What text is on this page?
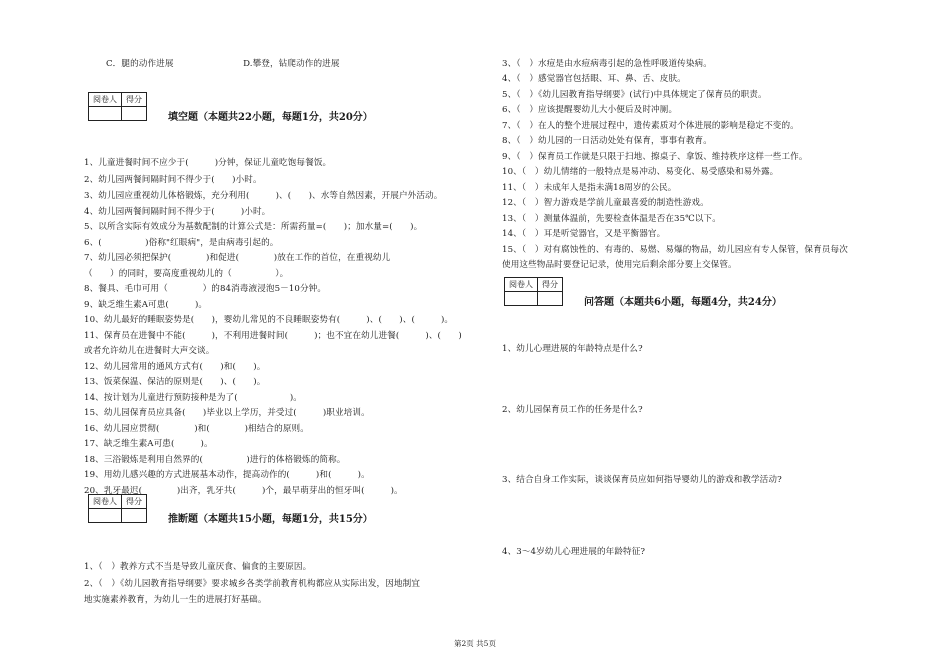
C．腿的动作进展　　　　　　　　D.攀登，钻爬动作的进展
阅卷人	得分

填空题（本题共22小题，每题1分，共20分）
1、儿童进餐时间不应少于(　　　)分钟，保证儿童吃饱每餐饭。
2、幼儿园两餐间隔时间不得少于(　　)小时。
3、幼儿园应重视幼儿体格锻炼，充分利用(　　　)、(　　)、水等自然因素，开展户外活动。
4、幼儿园两餐间隔时间不得少于(　　　)小时。
5、以所含实际有效成分为基数配制的计算公式是：所需药量=(　　)；加水量=(　　)。
6、(　　　　　)俗称"红眼病"，是由病毒引起的。
7、幼儿园必须把保护(　　　　)和促进(　　　　)放在工作的首位，在重视幼儿
（　　）的同时，要高度重视幼儿的（　　　　　）。
8、餐具、毛巾可用（　　　　）的84消毒液浸泡5－10分钟。
9、缺乏维生素A可患(　　　)。
10、幼儿最好的睡眠姿势是(　　)，婴幼儿常见的不良睡眠姿势有(　　　)、(　　)、(　　　)。
11、保育员在进餐中不能(　　　)，不利用进餐时间(　　　)；也不宜在幼儿进餐(　　　)、(　　)
或者允许幼儿在进餐时大声交谈。
12、幼儿园常用的通风方式有(　　)和(　　)。
13、饭菜保温、保洁的原则是(　　)、(　　)。
14、按计划为儿童进行预防接种是为了(　　　　　　)。
15、幼儿园保育员应具备(　　)毕业以上学历，并受过(　　　)职业培训。
16、幼儿园应贯彻(　　　　)和(　　　　)相结合的原则。
17、缺乏维生素A可患(　　　)。
18、三浴锻炼是利用自然界的(　　　　　)进行的体格锻炼的简称。
19、用幼儿感兴趣的方式进展基本动作，提高动作的(　　　)和(　　　)。
20、乳牙最迟(　　　　)出齐，乳牙共(　　　)个，最早萌芽出的恒牙叫(　　　)。
阅卷人	得分

推断题（本题共15小题，每题1分，共15分）
1、（　）教养方式不当是导致儿童厌食、偏食的主要原因。
2、（　）《幼儿园教育指导纲要》要求城乡各类学前教育机构都应从实际出发，因地制宜
地实施素养教育，为幼儿一生的进展打好基础。
3、（　）水痘是由水痘病毒引起的急性呼吸道传染病。
4、（　）感觉器官包括眼、耳、鼻、舌、皮肤。
5、（　）《幼儿园教育指导纲要》(试行)中具体规定了保育员的职责。
6、（　）应该提醒婴幼儿大小便后及时冲厕。
7、（　）在人的整个进展过程中，遗传素质对个体进展的影响是稳定不变的。
8、（　）幼儿园的一日活动处处有保育，事事有教育。
9、（　）保育员工作就是只限于扫地、擦桌子、拿饭、维持秩序这样一些工作。
10、（　）幼儿情绪的一般特点是易冲动、易变化、易受感染和易外露。
11、（　）未成年人是指未满18周岁的公民。
12、（　）智力游戏是学前儿童最喜爱的制造性游戏。
13、（　）测量体温前，先要检查体温是否在35℃以下。
14、（　）耳是听觉器官，又是平衡器官。
15、（　）对有腐蚀性的、有毒的、易燃、易爆的物品，幼儿园应有专人保管，保育员每次
使用这些物品时要登记记录，使用完后剩余部分要上交保管。
阅卷人	得分

问答题（本题共6小题，每题4分，共24分）
1、幼儿心理进展的年龄特点是什么?
2、幼儿园保育员工作的任务是什么?
3、结合自身工作实际，谈谈保育员应如何指导婴幼儿的游戏和教学活动?
4、3～4岁幼儿心理进展的年龄特征?
第2页 共5页
